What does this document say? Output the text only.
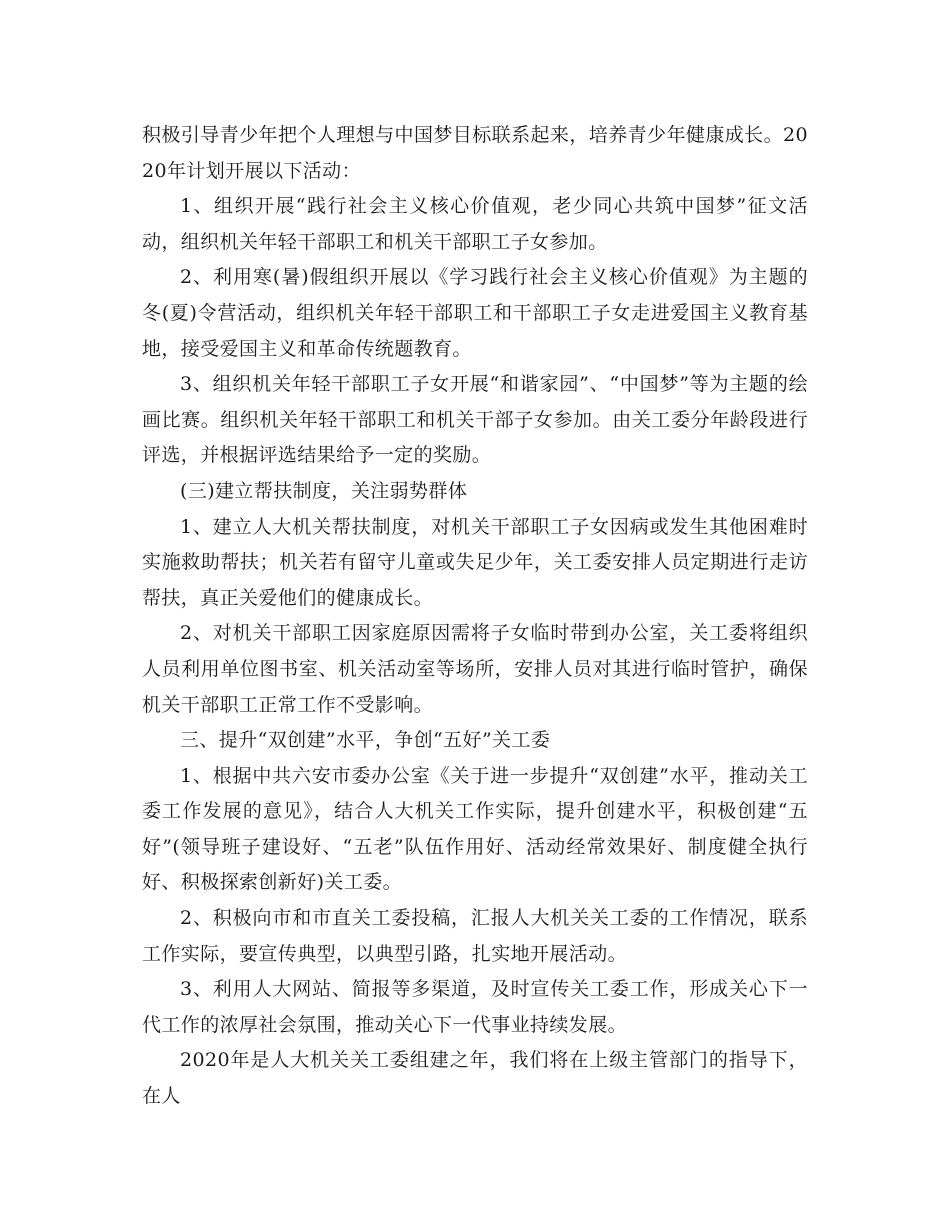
积极引导青少年把个人理想与中国梦目标联系起来，培养青少年健康成长。2020年计划开展以下活动：

1、组织开展“践行社会主义核心价值观，老少同心共筑中国梦”征文活动，组织机关年轻干部职工和机关干部职工子女参加。

2、利用寒(暑)假组织开展以《学习践行社会主义核心价值观》为主题的冬(夏)令营活动，组织机关年轻干部职工和干部职工子女走进爱国主义教育基地，接受爱国主义和革命传统题教育。

3、组织机关年轻干部职工子女开展“和谐家园”、“中国梦”等为主题的绘画比赛。组织机关年轻干部职工和机关干部子女参加。由关工委分年龄段进行评选，并根据评选结果给予一定的奖励。

(三)建立帮扶制度，关注弱势群体

1、建立人大机关帮扶制度，对机关干部职工子女因病或发生其他困难时实施救助帮扶；机关若有留守儿童或失足少年，关工委安排人员定期进行走访帮扶，真正关爱他们的健康成长。

2、对机关干部职工因家庭原因需将子女临时带到办公室，关工委将组织人员利用单位图书室、机关活动室等场所，安排人员对其进行临时管护，确保机关干部职工正常工作不受影响。

三、提升“双创建”水平，争创“五好”关工委

1、根据中共六安市委办公室《关于进一步提升“双创建”水平，推动关工委工作发展的意见》，结合人大机关工作实际，提升创建水平，积极创建“五好”(领导班子建设好、“五老”队伍作用好、活动经常效果好、制度健全执行好、积极探索创新好)关工委。

2、积极向市和市直关工委投稿，汇报人大机关关工委的工作情况，联系工作实际，要宣传典型，以典型引路，扎实地开展活动。

3、利用人大网站、简报等多渠道，及时宣传关工委工作，形成关心下一代工作的浓厚社会氛围，推动关心下一代事业持续发展。

2020年是人大机关关工委组建之年，我们将在上级主管部门的指导下，在人
